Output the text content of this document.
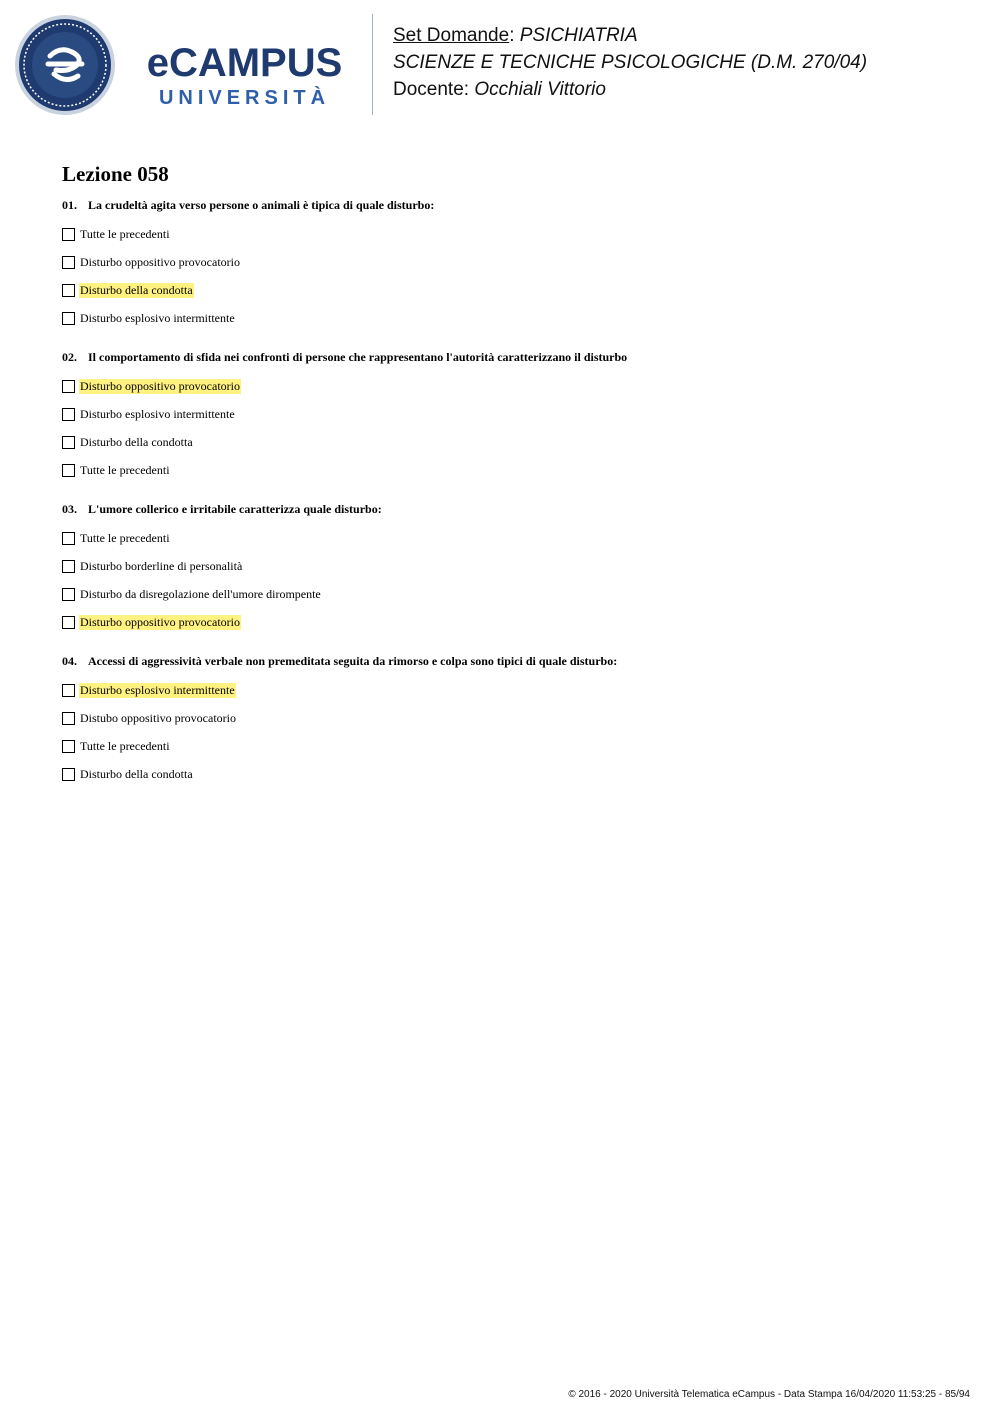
eCAMPUS
UNIVERSITÀ
Set Domande: PSICHIATRIA
SCIENZE E TECNICHE PSICOLOGICHE (D.M. 270/04)
Docente: Occhiali Vittorio
Lezione 058
01. La crudeltà agita verso persone o animali è tipica di quale disturbo:
Tutte le precedenti
Disturbo oppositivo provocatorio
Disturbo della condotta
Disturbo esplosivo intermittente
02. Il comportamento di sfida nei confronti di persone che rappresentano l'autorità caratterizzano il disturbo
Disturbo oppositivo provocatorio
Disturbo esplosivo intermittente
Disturbo della condotta
Tutte le precedenti
03. L'umore collerico e irritabile caratterizza quale disturbo:
Tutte le precedenti
Disturbo borderline di personalità
Disturbo da disregolazione dell'umore dirompente
Disturbo oppositivo provocatorio
04. Accessi di aggressività verbale non premeditata seguita da rimorso e colpa sono tipici di quale disturbo:
Disturbo esplosivo intermittente
Distubo oppositivo provocatorio
Tutte le precedenti
Disturbo della condotta
© 2016 - 2020 Università Telematica eCampus - Data Stampa 16/04/2020 11:53:25 - 85/94
